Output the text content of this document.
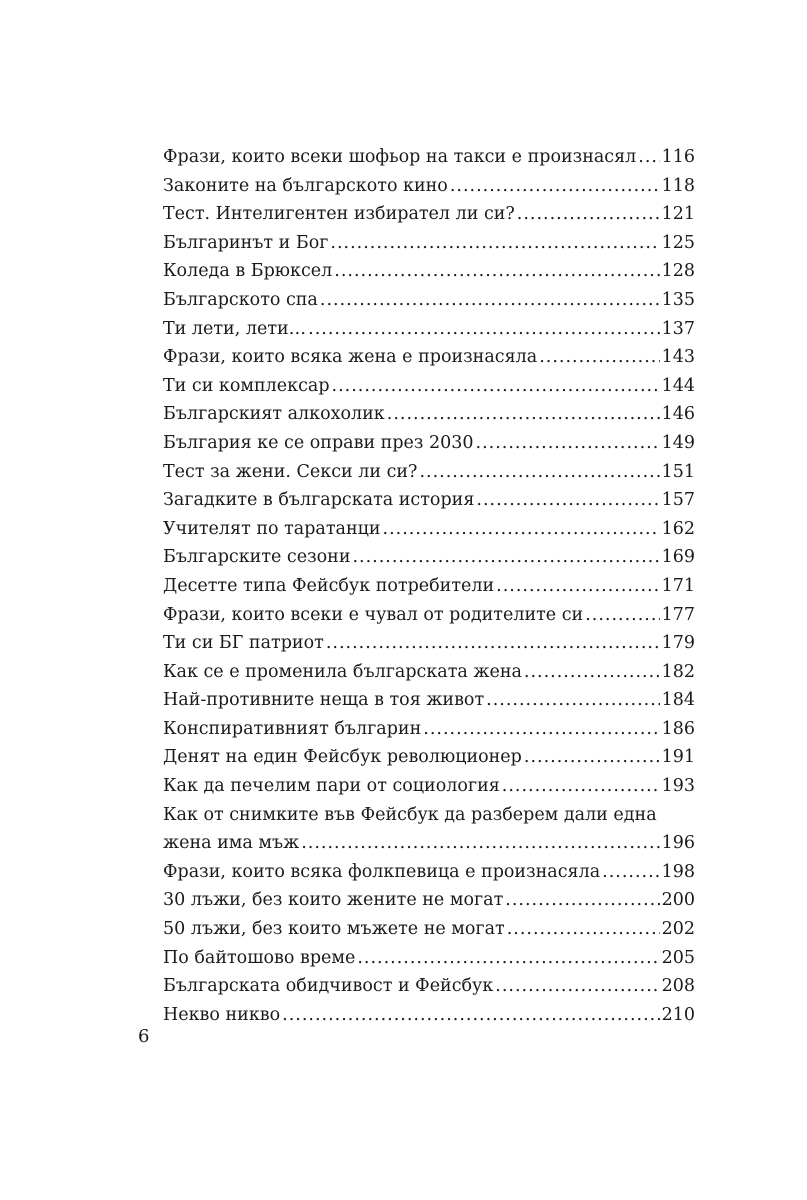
Фрази, които всеки шофьор на такси е произнасял ..... 116
Законите на българското кино .....	118
Тест. Интелигентен избирател ли си? .....	121
Българинът и Бог .....	125
Коледа в Брюксел .....	128
Българското спа .....	135
Ти лети, лети… .....	137
Фрази, които всяка жена е произнасяла .....	143
Ти си комплексар .....	144
Българският алкохолик .....	146
България ке се оправи през 2030 .....	149
Тест за жени. Секси ли си? .....	151
Загадките в българската история .....	157
Учителят по таратанци .....	162
Българските сезони .....	169
Десетте типа Фейсбук потребители .....	171
Фрази, които всеки е чувал от родителите си .....	177
Ти си БГ патриот .....	179
Как се е променила българската жена .....	182
Най-противните неща в тоя живот .....	184
Конспиративният българин .....	186
Денят на един Фейсбук революционер .....	191
Как да печелим пари от социология .....	193
Как от снимките във Фейсбук да разберем дали една
жена има мъж .....	196
Фрази, които всяка фолкпевица е произнасяла .....	198
30 лъжи, без които жените не могат .....	200
50 лъжи, без които мъжете не могат .....	202
По байтошово време .....	205
Българската обидчивост и Фейсбук .....	208
Некво никво .....	210
6
